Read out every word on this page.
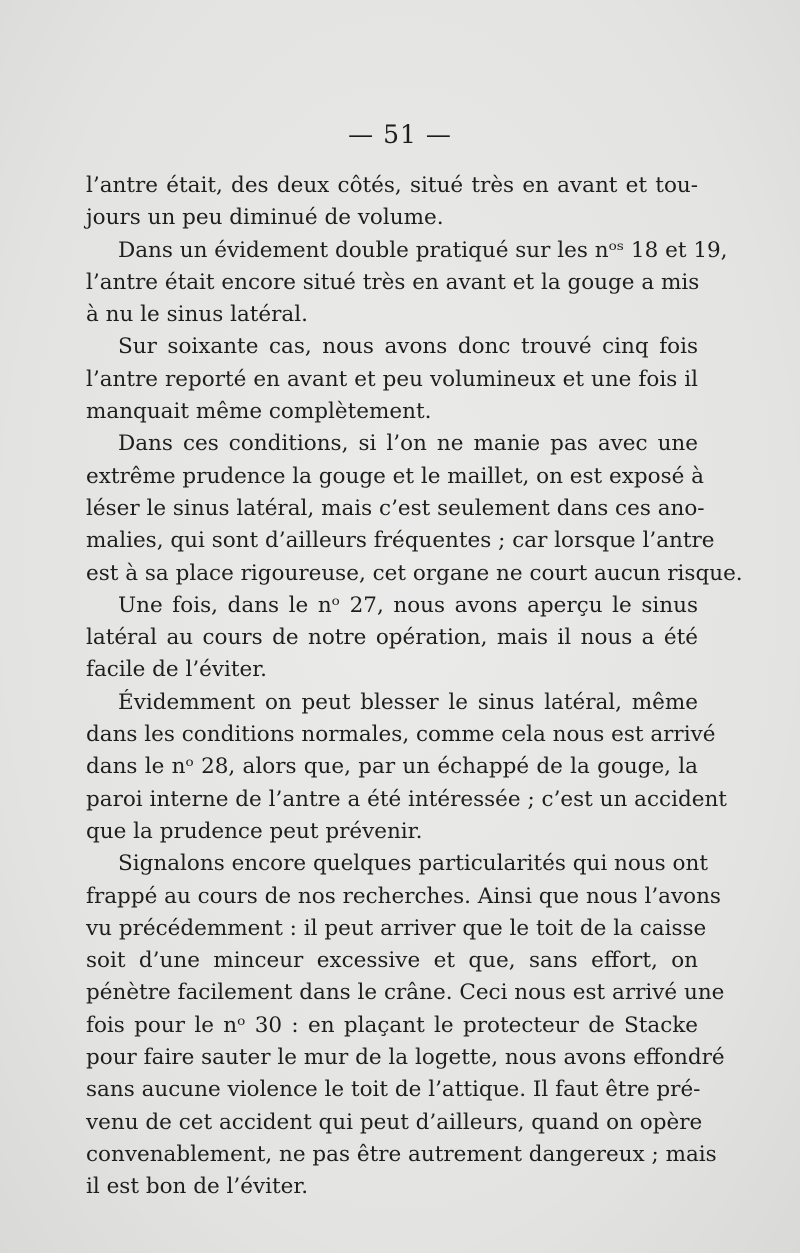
— 51 —
l’antre était, des deux côtés, situé très en avant et tou-
jours un peu diminué de volume.
Dans un évidement double pratiqué sur les nᵒˢ 18 et 19,
l’antre était encore situé très en avant et la gouge a mis
à nu le sinus latéral.
Sur soixante cas, nous avons donc trouvé cinq fois
l’antre reporté en avant et peu volumineux et une fois il
manquait même complètement.
Dans ces conditions, si l’on ne manie pas avec une
extrême prudence la gouge et le maillet, on est exposé à
léser le sinus latéral, mais c’est seulement dans ces ano-
malies, qui sont d’ailleurs fréquentes ; car lorsque l’antre
est à sa place rigoureuse, cet organe ne court aucun risque.
Une fois, dans le nᵒ 27, nous avons aperçu le sinus
latéral au cours de notre opération, mais il nous a été
facile de l’éviter.
Évidemment on peut blesser le sinus latéral, même
dans les conditions normales, comme cela nous est arrivé
dans le nᵒ 28, alors que, par un échappé de la gouge, la
paroi interne de l’antre a été intéressée ; c’est un accident
que la prudence peut prévenir.
Signalons encore quelques particularités qui nous ont
frappé au cours de nos recherches. Ainsi que nous l’avons
vu précédemment : il peut arriver que le toit de la caisse
soit d’une minceur excessive et que, sans effort, on
pénètre facilement dans le crâne. Ceci nous est arrivé une
fois pour le nᵒ 30 : en plaçant le protecteur de Stacke
pour faire sauter le mur de la logette, nous avons effondré
sans aucune violence le toit de l’attique. Il faut être pré-
venu de cet accident qui peut d’ailleurs, quand on opère
convenablement, ne pas être autrement dangereux ; mais
il est bon de l’éviter.
